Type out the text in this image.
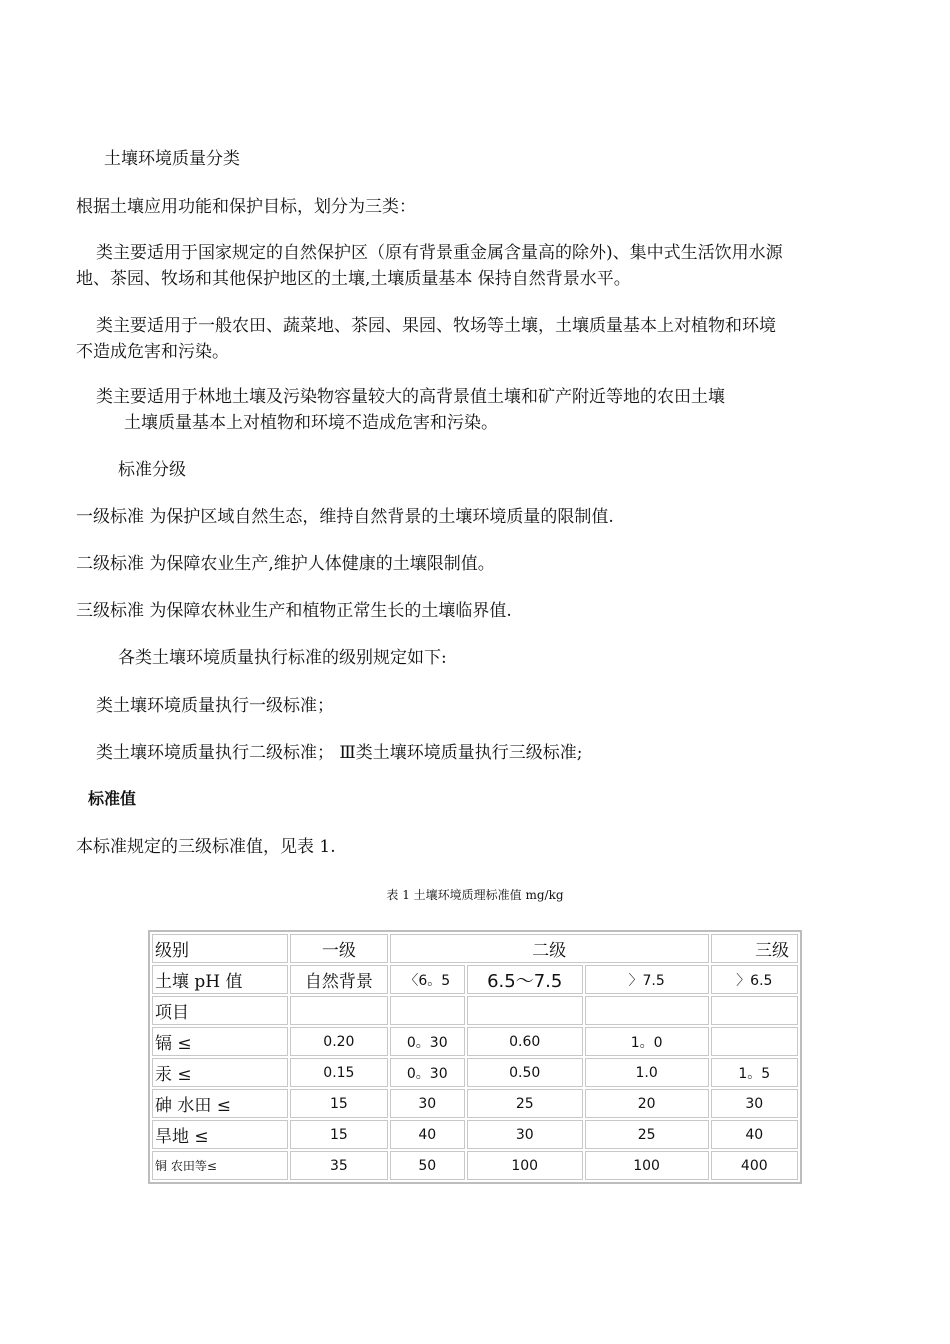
土壤环境质量分类
根据土壤应用功能和保护目标，划分为三类：
类主要适用于国家规定的自然保护区（原有背景重金属含量高的除外)、集中式生活饮用水源
地、茶园、牧场和其他保护地区的土壤,土壤质量基本 保持自然背景水平。
类主要适用于一般农田、蔬菜地、茶园、果园、牧场等土壤，土壤质量基本上对植物和环境
不造成危害和污染。
类主要适用于林地土壤及污染物容量较大的高背景值土壤和矿产附近等地的农田土壤
土壤质量基本上对植物和环境不造成危害和污染。
标准分级
一级标准 为保护区域自然生态，维持自然背景的土壤环境质量的限制值.
二级标准 为保障农业生产,维护人体健康的土壤限制值。
三级标准 为保障农林业生产和植物正常生长的土壤临界值.
各类土壤环境质量执行标准的级别规定如下:
类土壤环境质量执行一级标准；
类土壤环境质量执行二级标准； Ⅲ类土壤环境质量执行三级标准;
标准值
本标准规定的三级标准值，见表 1.
表 1 土壤环境质理标准值 mg/kg
级别	一级	二级			三级
土壤 pH 值	自然背景	〈6。5	6.5～7.5	〉7.5	〉6.5
项目					
镉 ≤	0.20	0。30	0.60	1。0	
汞 ≤	0.15	0。30	0.50	1.0	1。5
砷 水田 ≤	15	30	25	20	30
旱地 ≤	15	40	30	25	40
铜 农田等≤	35	50	100	100	400
